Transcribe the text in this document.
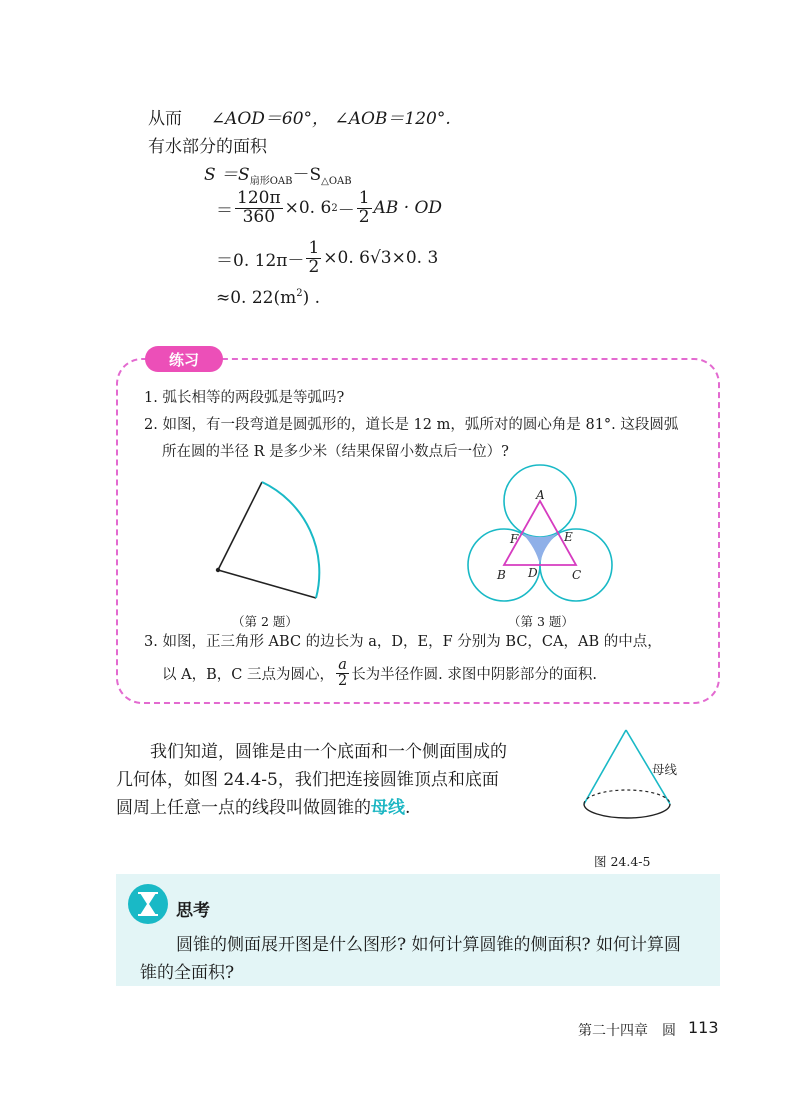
从而 ∠AOD＝60°， ∠AOB＝120°.
有水部分的面积
$S =S_{扇形OAB}-S_{\triangle OAB}$
＝ $\frac{120\pi}{360} \times 0$. 6 $2 - \frac{1}{2}$ AB · OD
＝0. $12\pi- \frac{1}{2} \times 0$. 6 √3 ×0. 3
≈0. $22(m^2)$ .
练习
1. 弧长相等的两段弧是等弧吗?
2. 如图，有一段弯道是圆弧形的，道长是 12 m，弧所对的圆心角是 81°. 这段圆弧
所在圆的半径 R 是多少米（结果保留小数点后一位）?
（第 2 题）
A
F	E
B D	C
（第 3 题）
3. 如图，正三角形 ABC 的边长为 a，D，E，F 分别为 BC，CA，AB 的中点，
以 A，B，C 三点为圆心， $\frac{a}{2}$ 长为半径作圆. 求图中阴影部分的面积.
我们知道，圆锥是由一个底面和一个侧面围成的
几何体，如图 24.4-5，我们把连接圆锥顶点和底面
圆周上任意一点的线段叫做圆锥的母线.
母线
图 24.4-5
思考
圆锥的侧面展开图是什么图形? 如何计算圆锥的侧面积? 如何计算圆
锥的全面积?
第二十四章　圆 113
